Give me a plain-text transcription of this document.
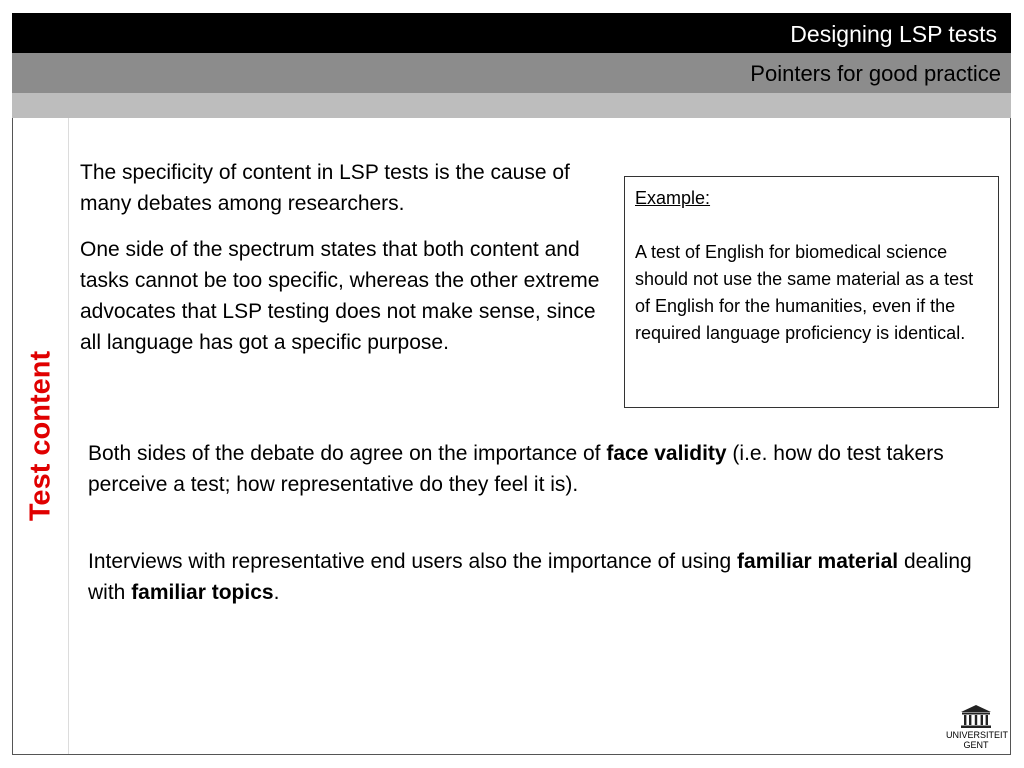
Designing LSP tests
Pointers for good practice
Test content

The specificity of content in LSP tests is the cause of many debates among researchers.

One side of the spectrum states that both content and tasks cannot be too specific, whereas the other extreme advocates that LSP testing does not make sense, since all language has got a specific purpose.

Both sides of the debate do agree on the importance of face validity (i.e. how do test takers perceive a test; how representative do they feel it is).

Interviews with representative end users also the importance of using familiar material dealing with familiar topics.

Example:
A test of English for biomedical science should not use the same material as a test of English for the humanities, even if the required language proficiency is identical.
UNIVERSITEIT
GENT
